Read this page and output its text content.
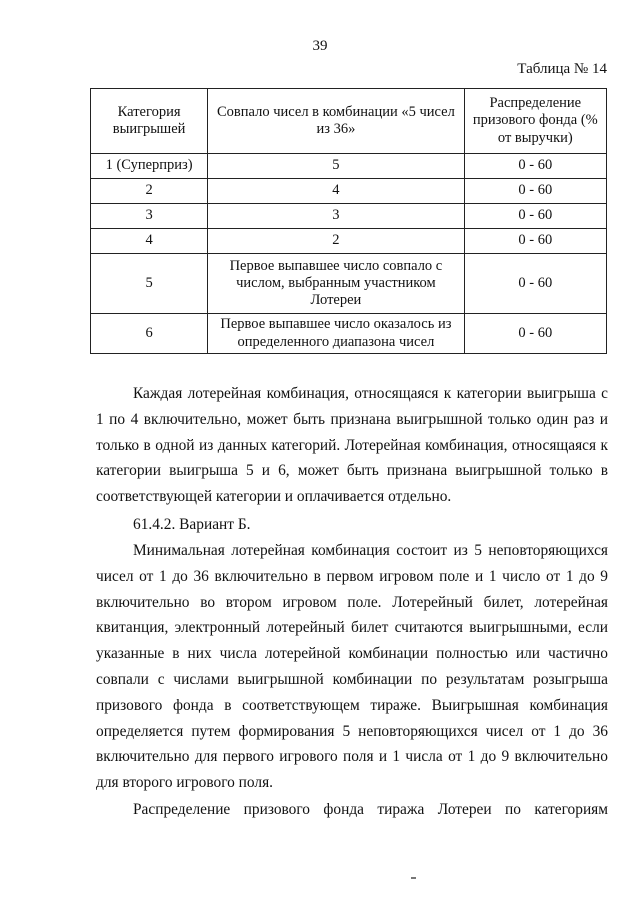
39
Таблица № 14
Категория выигрышей	Совпало чисел в комбинации «5 чисел из 36»	Распределение призового фонда (% от выручки)
1 (Суперприз)	5	0 - 60
2	4	0 - 60
3	3	0 - 60
4	2	0 - 60
5	Первое выпавшее число совпало с числом, выбранным участником Лотереи	0 - 60
6	Первое выпавшее число оказалось из определенного диапазона чисел	0 - 60

Каждая лотерейная комбинация, относящаяся к категории выигрыша с 1 по 4 включительно, может быть признана выигрышной только один раз и только в одной из данных категорий. Лотерейная комбинация, относящаяся к категории выигрыша 5 и 6, может быть признана выигрышной только в соответствующей категории и оплачивается отдельно.

61.4.2. Вариант Б.

Минимальная лотерейная комбинация состоит из 5 неповторяющихся чисел от 1 до 36 включительно в первом игровом поле и 1 число от 1 до 9 включительно во втором игровом поле. Лотерейный билет, лотерейная квитанция, электронный лотерейный билет считаются выигрышными, если указанные в них числа лотерейной комбинации полностью или частично совпали с числами выигрышной комбинации по результатам розыгрыша призового фонда в соответствующем тираже. Выигрышная комбинация определяется путем формирования 5 неповторяющихся чисел от 1 до 36 включительно для первого игрового поля и 1 числа от 1 до 9 включительно для второго игрового поля.

Распределение призового фонда тиража Лотереи по категориям
